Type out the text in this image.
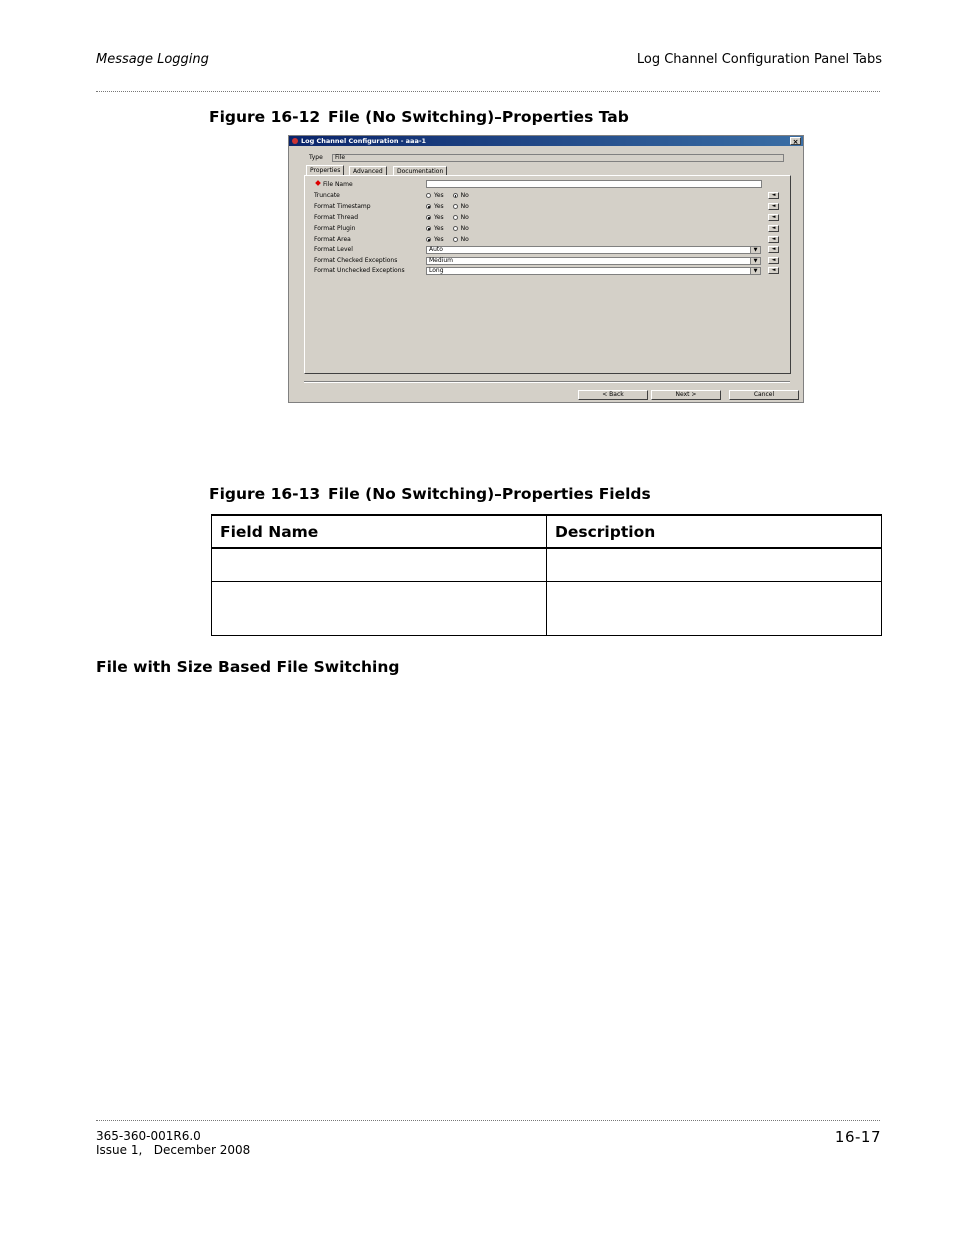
Message Logging	Log Channel Configuration Panel Tabs
Figure 16-12 File (No Switching)–Properties Tab
Log Channel Configuration - aaa-1	×
Type	File
Properties	Advanced	Documentation
File Name
Truncate	Yes	No	◄
Format Timestamp	Yes	No	◄
Format Thread	Yes	No	◄
Format Plugin	Yes	No	◄
Format Area	Yes	No	◄
Format Level	Auto	▼	◄
Format Checked Exceptions	Medium	▼	◄
Format Unchecked Exceptions	Long	▼	◄
< Back	Next >	Cancel
Figure 16-13 File (No Switching)–Properties Fields
Field Name	Description

File with Size Based File Switching
365-360-001R6.0
Issue 1,   December 2008
16-17
